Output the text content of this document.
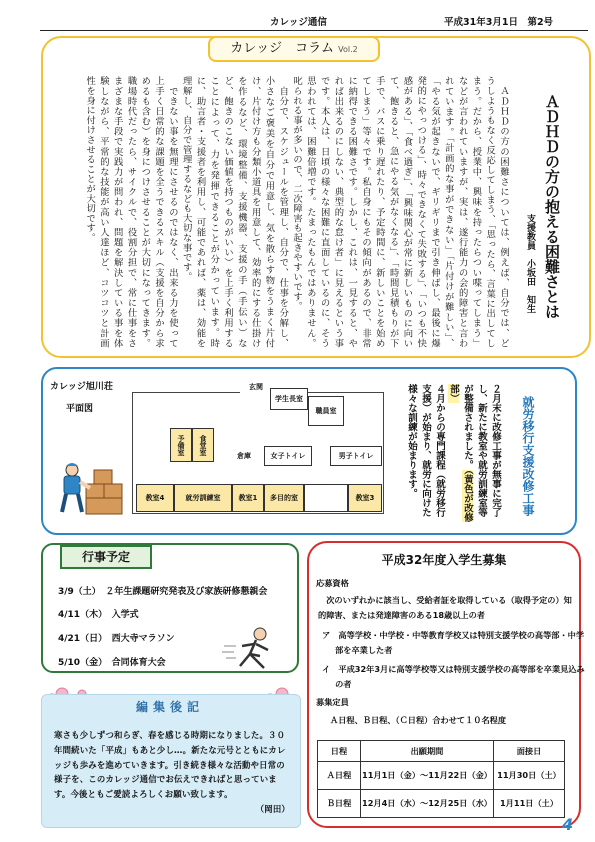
カレッジ通信	平成31年3月1日　第2号
カレッジ　コラム Vol.2
ＡＤＨＤの方の抱える困難さとは
支援教員　小坂田　知生
　ＡＤＨＤの方の困難さについては、例えば、自分では、どうしようもなく反応してしまう、「思ったら、言葉に出してしまう。だから、授業中、興味を持ったらつい喋ってしまう」などが言われていますが、実は、遂行能力の会的障害と言われています。「計画的な事ができない」「片付けが難しい」、「やる気が起きないで、ギリギリまで引き伸ばし、最後に爆発的にやっつける」、時々できなくて失敗する」、「いつも不快感がある」、「食べ過ぎ」、「興味関心が常に新しいものに向いて、飽きると、急にやる気がなくなる」、「時間見積もりが下手で、バスに乗り遅れたり、予定時間に、新しいことを始めてしまう」等々です。私自身にもその傾向があるので、非常に納得できる困難さです。しかし、これは、一見すると、やれば出来るのにしない、典型的な怠け者」に見えるという事です。本人は、日頃の様々な困難に直面しているのに、そう思われては、困難倍増です。たまったもんではありません。叱られる事が多いので、二次障害も起きやすいです。
　自分で、スケジュールを管理し、自分で、仕事を分解し、小さなご褒美を自分で用意し、気を散らす物をうまく片付け、片付け方も分類小道具を用意して、効率的にする仕掛けを作るなど、環境整備、支援機器、支援の手（手伝い）など、飽きのこない価値を持つものがいい）を上手く利用することによって、力を発揮できることが分かっています。時に、助言者・支援者を利用し、可能であれば、薬は、効能を理解し、自分で管理するなども大切な事です。
　できない事を無理にさせるのではなく、出来る力を使って上手く日常的な課題を全うできるスキル（支援を自分から求めるも含む）を身につけさせることが大切になってきます。職場時代だったら、サイクルで、役割分担で、常に仕事をさまざまな手段で実践力が問われ、問題を解決している事を体験しながら、平常的な技能が高い人達ほど、コツコツと計画性を身に付けさせることが大切です。
カレッジ旭川荘
平面図
玄関
学生長室
職員室
予備室	食堂室
倉庫	女子トイレ	男子トイレ
教室4	就労訓練室	教室1	多目的室	教室3	就労移行支援改修工事
２月末に改修工事が無事に完了し、新たに教室や就労訓練室等が整備されました。（黄色が改修部）
４月からの専門課程（就労移行支援）が始まり、就労に向けた様々な訓練が始まります。
行事予定
3/9（土）　 ２年生課題研究発表及び家族研修懇親会
4/11（木）　 入学式
4/21（日）　 西大寺マラソン
5/10（金）　 合同体育大会
編集後記
寒さも少しずつ和らぎ、春を感じる時期になりました。３０年間続いた「平成」もあと少し…。新たな元号とともにカレッジも歩みを進めていきます。引き続き様々な活動や日常の様子を、このカレッジ通信でお伝えできればと思っています。今後ともご愛読よろしくお願い致します。
（岡田）
平成32年度入学生募集
応募資格
次のいずれかに該当し、受給者証を取得している（取得予定の）知的障害、または発達障害のある18歳以上の者
ア　高等学校・中学校・中等教育学校又は特別支援学校の高等部・中学部を卒業した者
イ　平成32年3月に高等学校等又は特別支援学校の高等部を卒業見込みの者
募集定員
Ａ日程、Ｂ日程、（Ｃ日程）合わせて１０名程度
日程	出願期間	面接日
Ａ日程	11月1日（金）～11月22日（金）	11月30日（土）
Ｂ日程	12月4日（水）～12月25日（水）	1月11日（土）
4
